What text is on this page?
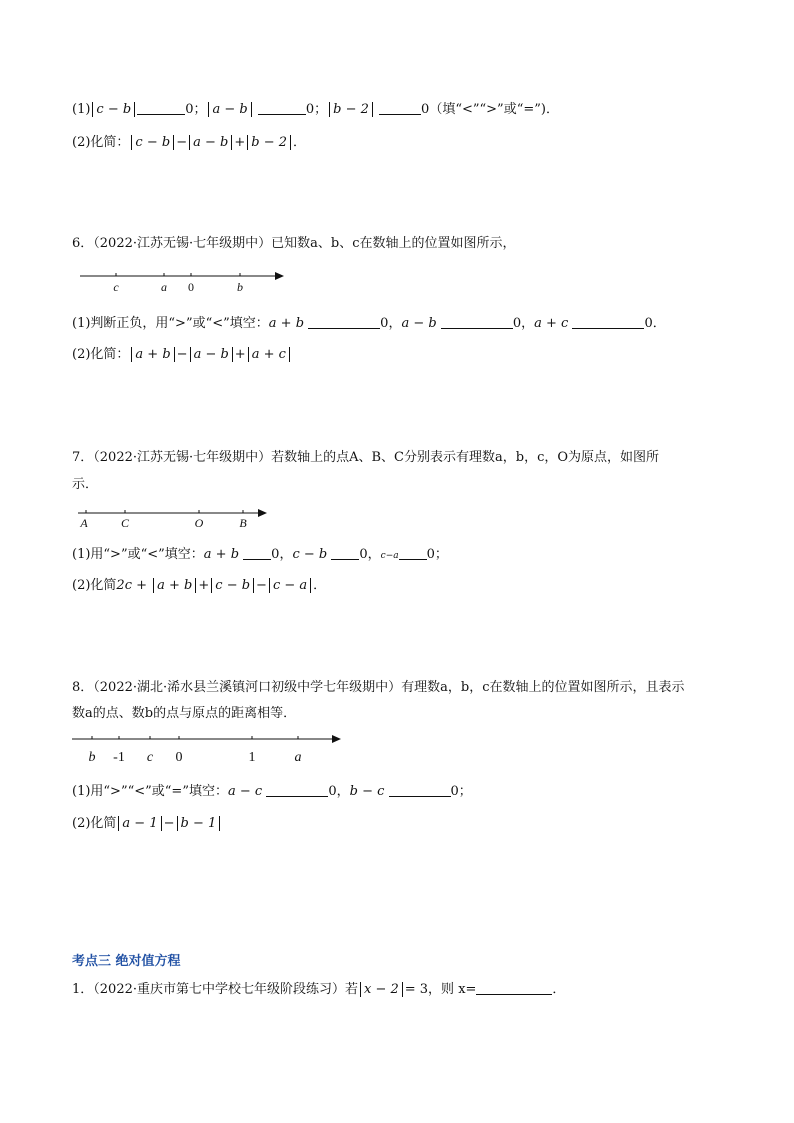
(1) c − b	0； a − b	0； b − 2	0（填“<”“>”或“=”)．
(2)化简： c − b − a − b + b − 2 ．
6．（2022·江苏无锡·七年级期中）已知数a、b、c在数轴上的位置如图所示，
c	a 0	b
(1)判断正负，用“>”或“<”填空：a + b	0，a − b	0，a + c	0．
(2)化简： a + b − a − b + a + c
7．（2022·江苏无锡·七年级期中）若数轴上的点A、B、C分别表示有理数a，b，c，O为原点，如图所
示．
A	C	O	B
(1)用“>”或“<”填空：a + b 0，c − b 0，c−a 0；
(2)化简2c + a + b + c − b − c − a ．
8．（2022·湖北·浠水县兰溪镇河口初级中学七年级期中）有理数a，b，c在数轴上的位置如图所示，且表示
数a的点、数b的点与原点的距离相等．
b -1 c 0	1	a
(1)用“>”“<”或“=”填空：a − c	0，b − c	0；
(2)化简 a − 1 − b − 1
考点三 绝对值方程
1．（2022·重庆市第七中学校七年级阶段练习）若 x − 2 = 3，则 x=	．
